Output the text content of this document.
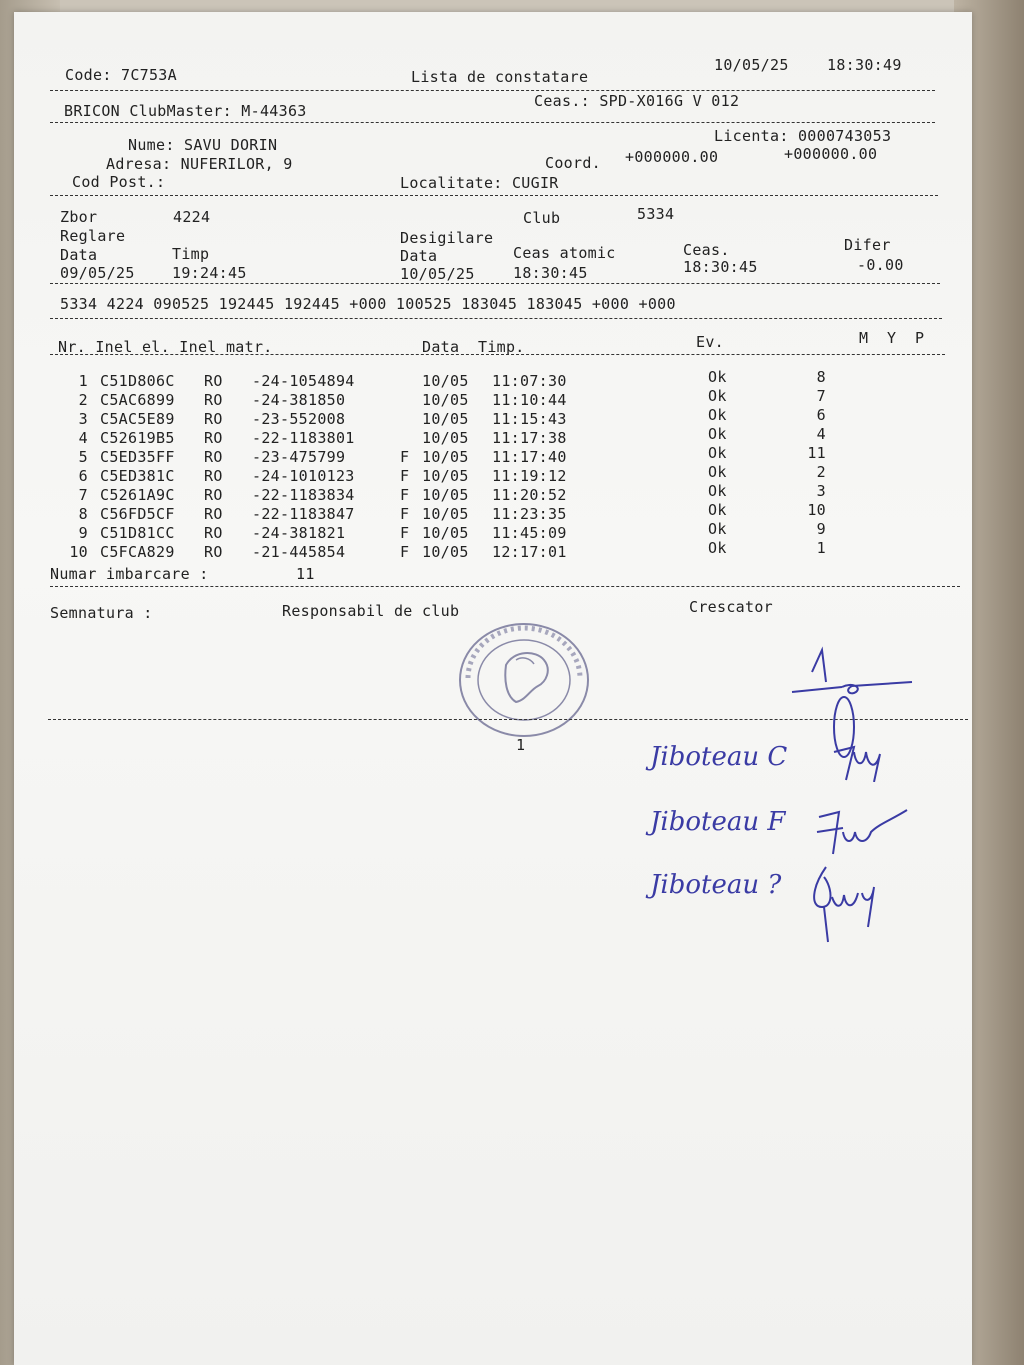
Code: 7C753A	Lista de constatare
10/05/25	18:30:49
BRICON ClubMaster: M-44363
Ceas.: SPD-X016G V 012
Licenta: 0000743053
Nume: SAVU DORIN
Coord. +000000.00	+000000.00
Adresa: NUFERILOR, 9
Cod Post.:	Localitate: CUGIR
Zbor	4224	Club	5334
Reglare	Desigilare
Data	Timp	Data	Ceas atomic	Ceas.	Difer
09/05/25 19:24:45	10/05/25	18:30:45	18:30:45	-0.00
5334 4224 090525 192445 192445 +000 100525 183045 183045 +000 +000
Nr. Inel el. Inel matr.	Data  Timp.	Ev.	M  Y  P
1 C51D806C RO -24-1054894	10/05 11:07:30	Ok	8
2 C5AC6899 RO -24-381850	10/05 11:10:44	Ok	7
3 C5AC5E89 RO -23-552008	10/05 11:15:43	Ok	6
4 C52619B5 RO -22-1183801	10/05 11:17:38	Ok	4
5 C5ED35FF RO -23-475799	F 10/05 11:17:40	Ok	11
6 C5ED381C RO -24-1010123	F 10/05 11:19:12	Ok	2
7 C5261A9C RO -22-1183834	F 10/05 11:20:52	Ok	3
8 C56FD5CF RO -22-1183847	F 10/05 11:23:35	Ok	10
9 C51D81CC RO -24-381821	F 10/05 11:45:09	Ok	9
10 C5FCA829 RO -21-445854	F 10/05 12:17:01	Ok	1
Numar imbarcare :	11
Semnatura :	Responsabil de club	Crescator
1	Jiboteau C
Jiboteau F
Jiboteau ?
